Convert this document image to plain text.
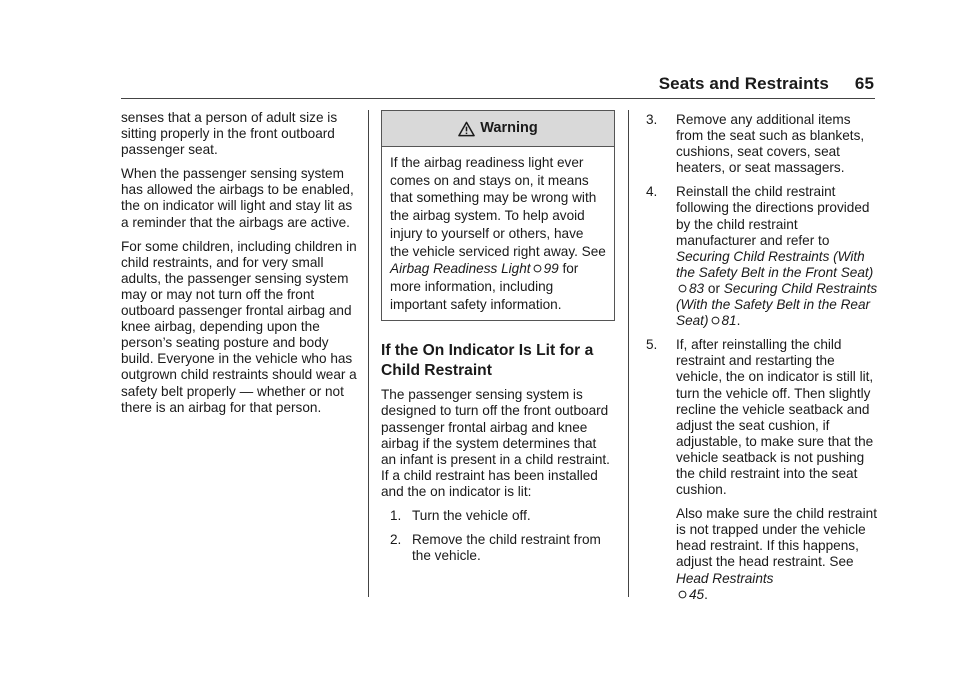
Seats and Restraints 65

senses that a person of adult size is sitting properly in the front outboard passenger seat.

When the passenger sensing system has allowed the airbags to be enabled, the on indicator will light and stay lit as a reminder that the airbags are active.

For some children, including children in child restraints, and for very small adults, the passenger sensing system may or may not turn off the front outboard passenger frontal airbag and knee airbag, depending upon the person’s seating posture and body build. Everyone in the vehicle who has outgrown child restraints should wear a safety belt properly — whether or not there is an airbag for that person.

Warning
If the airbag readiness light ever comes on and stays on, it means that something may be wrong with the airbag system. To help avoid injury to yourself or others, have the vehicle serviced right away. See Airbag Readiness Light 99 for more information, including important safety information.
If the On Indicator Is Lit for a Child Restraint

The passenger sensing system is designed to turn off the front outboard passenger frontal airbag and knee airbag if the system determines that an infant is present in a child restraint. If a child restraint has been installed and the on indicator is lit:

1. Turn the vehicle off.
2. Remove the child restraint from the vehicle.
3.	Remove any additional items from the seat such as blankets, cushions, seat covers, seat heaters, or seat massagers.
4.	Reinstall the child restraint following the directions provided by the child restraint manufacturer and refer to Securing Child Restraints (With the Safety Belt in the Front Seat)83 or Securing Child Restraints (With the Safety Belt in the Rear Seat) 81.
5.	If, after reinstalling the child restraint and restarting the vehicle, the on indicator is still lit, turn the vehicle off. Then slightly recline the vehicle seatback and adjust the seat cushion, if adjustable, to make sure that the vehicle seatback is not pushing the child restraint into the seat cushion.
Also make sure the child restraint is not trapped under the vehicle head restraint. If this happens, adjust the head restraint. See Head Restraints
45.
